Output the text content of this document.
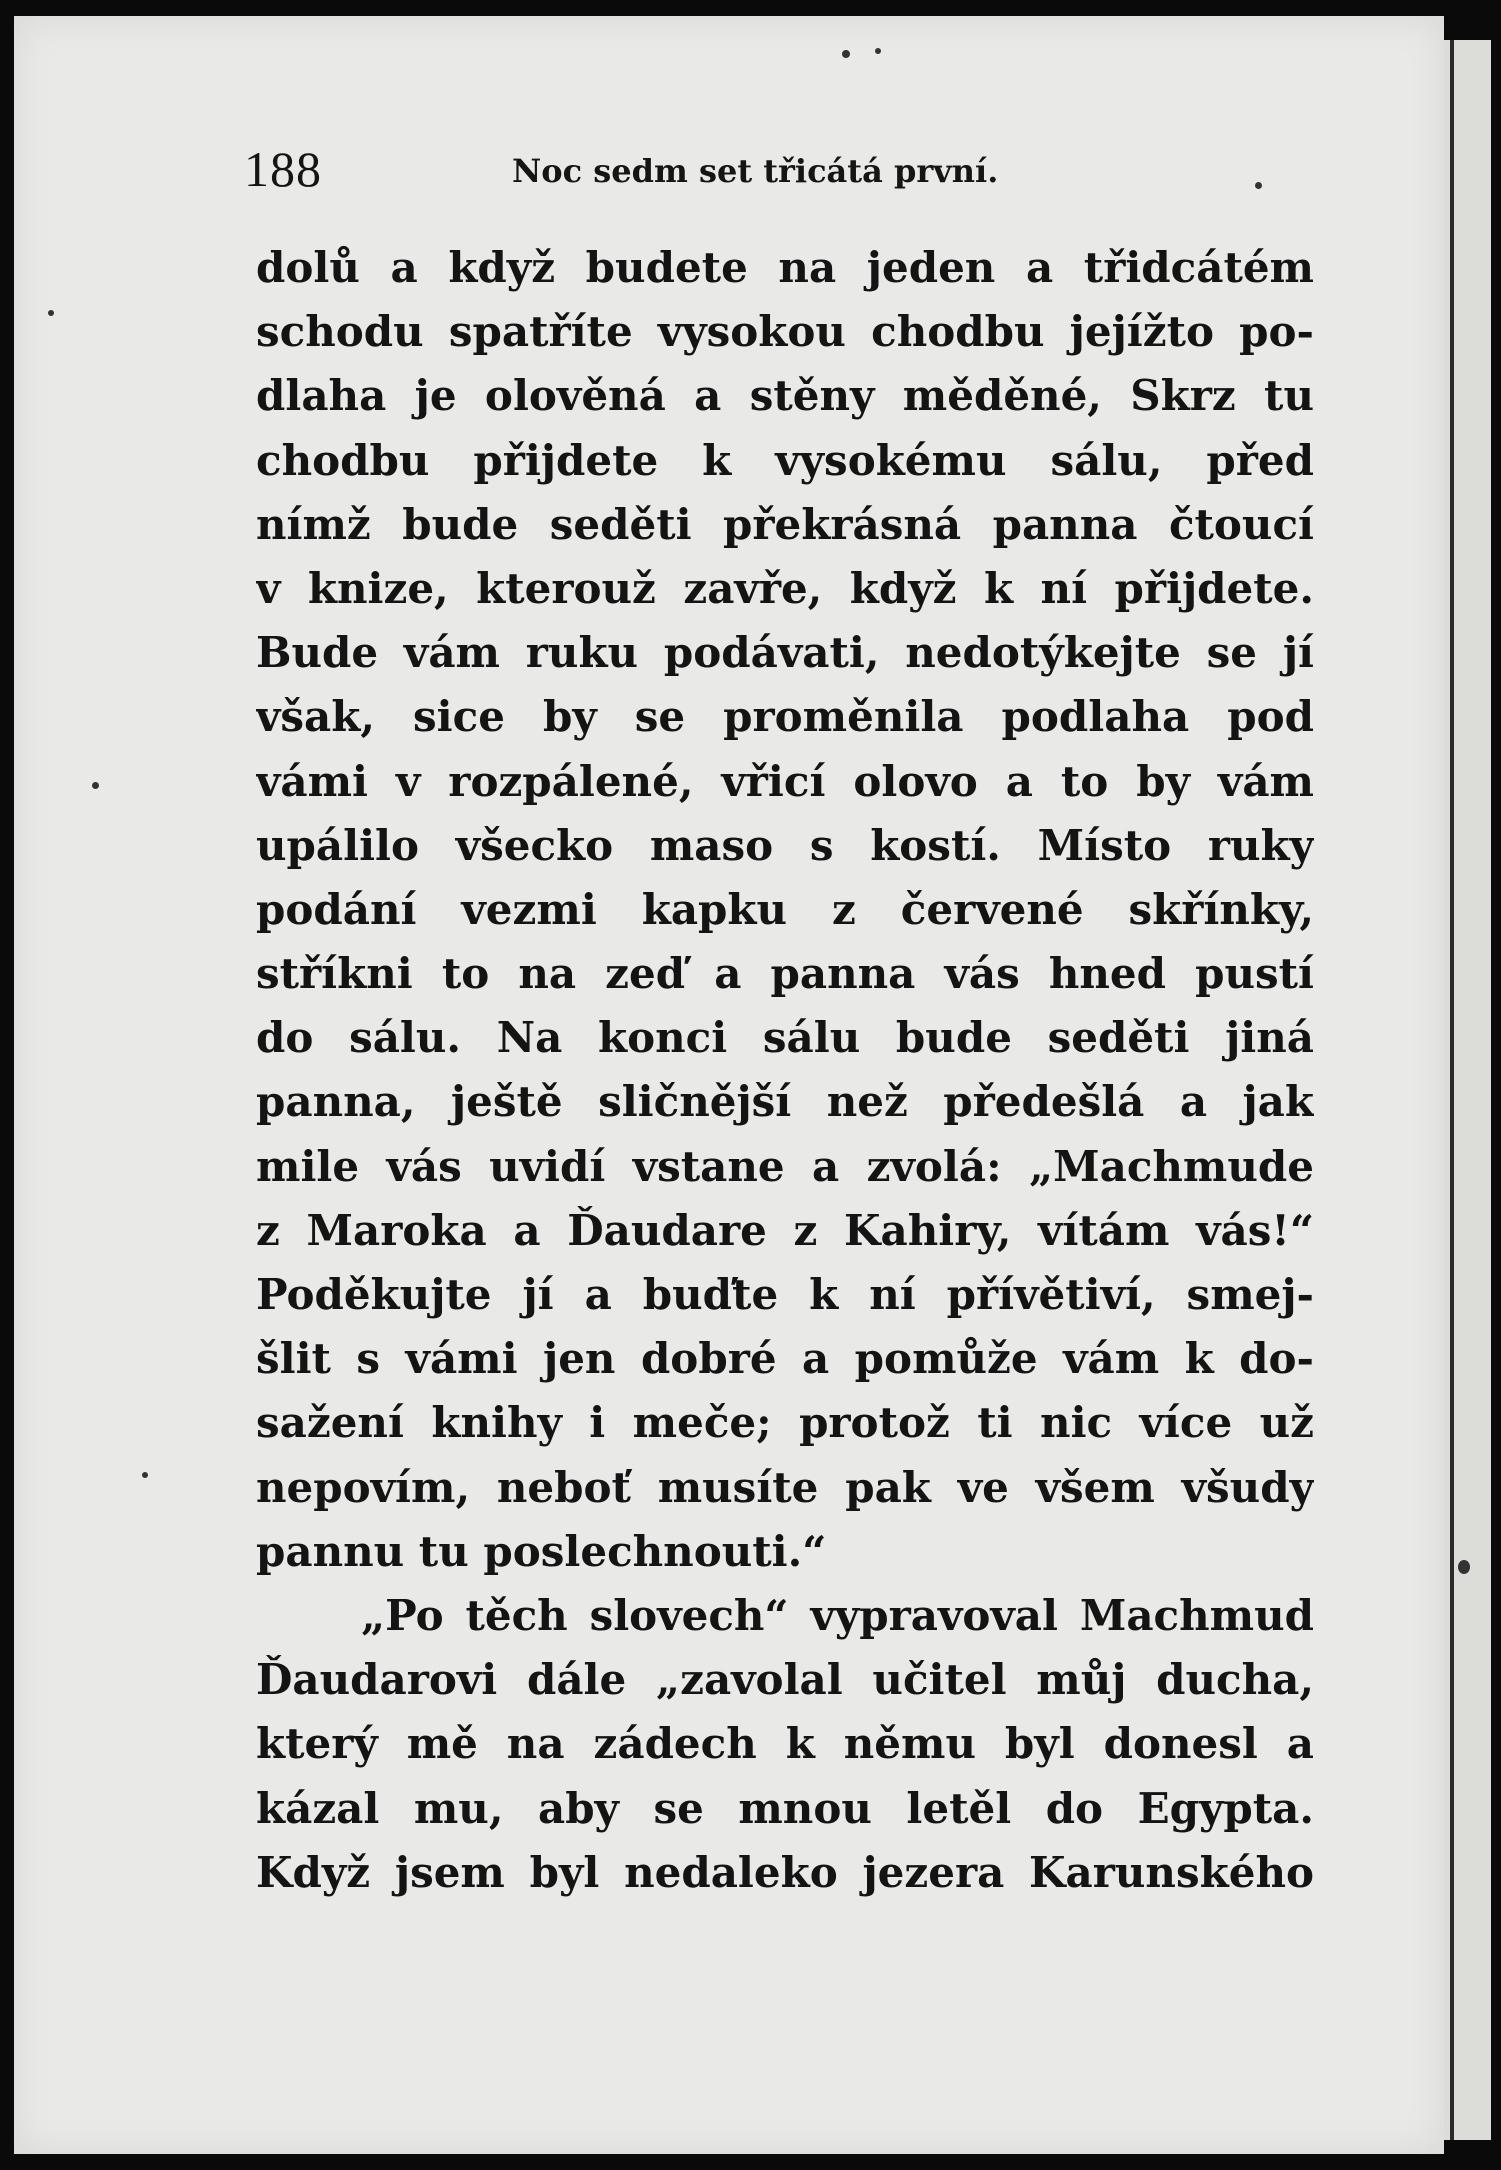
188	Noc sedm set třicátá první.
dolů a když budete na jeden a třidcátém
schodu spatříte vysokou chodbu jejížto po-
dlaha je olověná a stěny měděné, Skrz tu
chodbu přijdete k vysokému sálu, před
nímž bude seděti překrásná panna čtoucí
v knize, kterouž zavře, když k ní přijdete.
Bude vám ruku podávati, nedotýkejte se jí
však, sice by se proměnila podlaha pod
vámi v rozpálené, vřicí olovo a to by vám
upálilo všecko maso s kostí. Místo ruky
podání vezmi kapku z červené skřínky,
stříkni to na zeď a panna vás hned pustí
do sálu. Na konci sálu bude seděti jiná
panna, ještě sličnější než předešlá a jak
mile vás uvidí vstane a zvolá: „Machmude
z Maroka a Ďaudare z Kahiry, vítám vás!“
Poděkujte jí a buďte k ní přívětiví, smej-
šlit s vámi jen dobré a pomůže vám k do-
sažení knihy i meče; protož ti nic více už
nepovím, neboť musíte pak ve všem všudy
pannu tu poslechnouti.“
„Po těch slovech“ vypravoval Machmud
Ďaudarovi dále „zavolal učitel můj ducha,
který mě na zádech k němu byl donesl a
kázal mu, aby se mnou letěl do Egypta.
Když jsem byl nedaleko jezera Karunského
